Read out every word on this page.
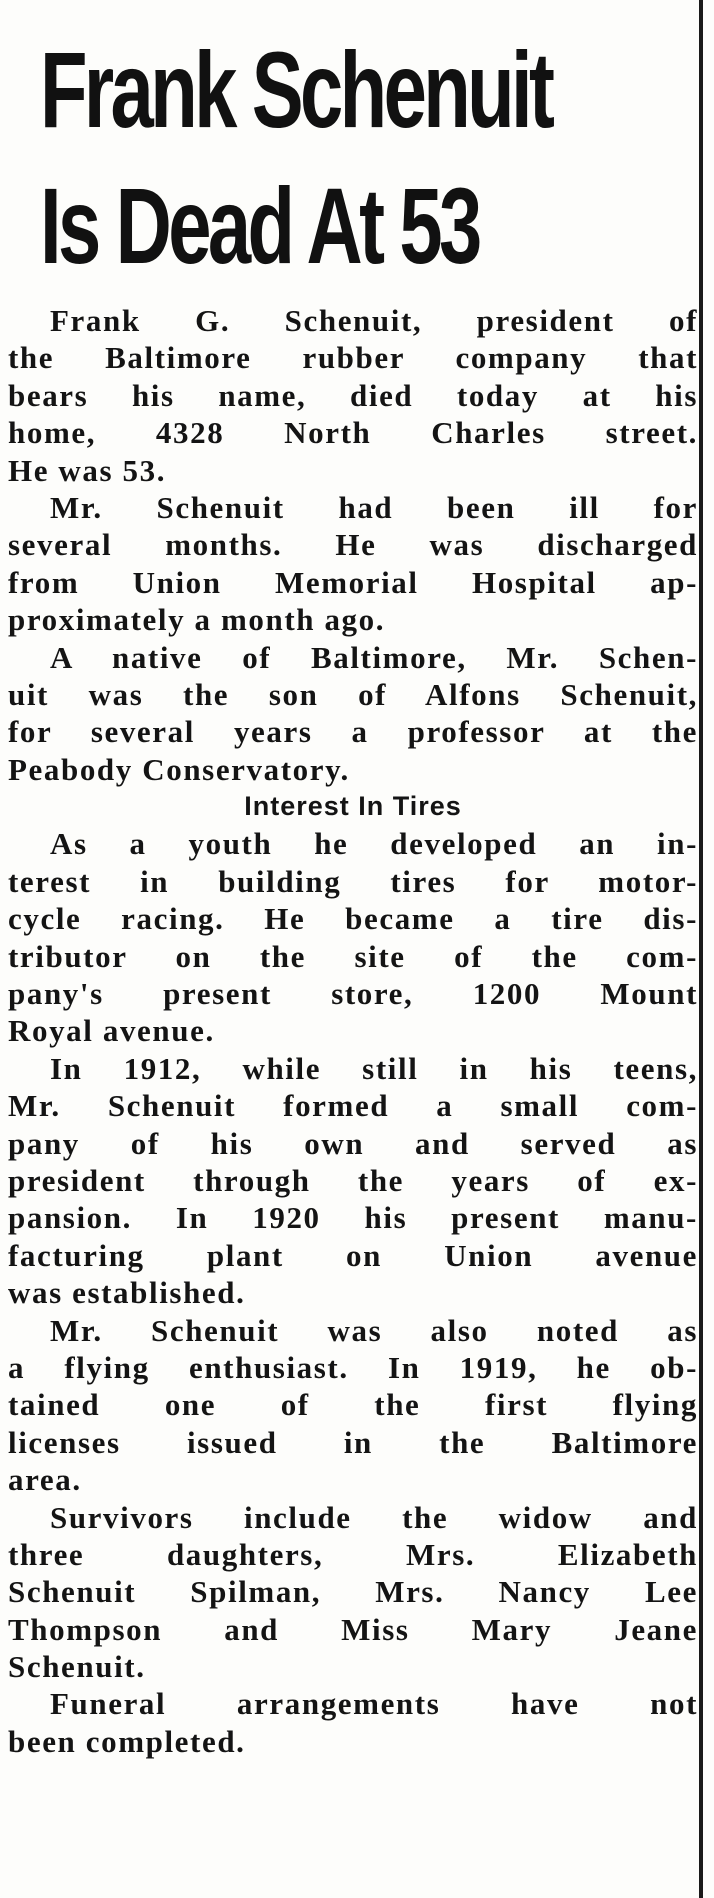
Frank Schenuit
Is Dead At 53
Frank G. Schenuit, president of
the Baltimore rubber company that
bears his name, died today at his
home, 4328 North Charles street.
He was 53.
Mr. Schenuit had been ill for
several months. He was discharged
from Union Memorial Hospital ap-
proximately a month ago.
A native of Baltimore, Mr. Schen-
uit was the son of Alfons Schenuit,
for several years a professor at the
Peabody Conservatory.
Interest In Tires
As a youth he developed an in-
terest in building tires for motor-
cycle racing. He became a tire dis-
tributor on the site of the com-
pany's present store, 1200 Mount
Royal avenue.
In 1912, while still in his teens,
Mr. Schenuit formed a small com-
pany of his own and served as
president through the years of ex-
pansion. In 1920 his present manu-
facturing plant on Union avenue
was established.
Mr. Schenuit was also noted as
a flying enthusiast. In 1919, he ob-
tained one of the first flying
licenses issued in the Baltimore
area.
Survivors include the widow and
three daughters, Mrs. Elizabeth
Schenuit Spilman, Mrs. Nancy Lee
Thompson and Miss Mary Jeane
Schenuit.
Funeral arrangements have not
been completed.
